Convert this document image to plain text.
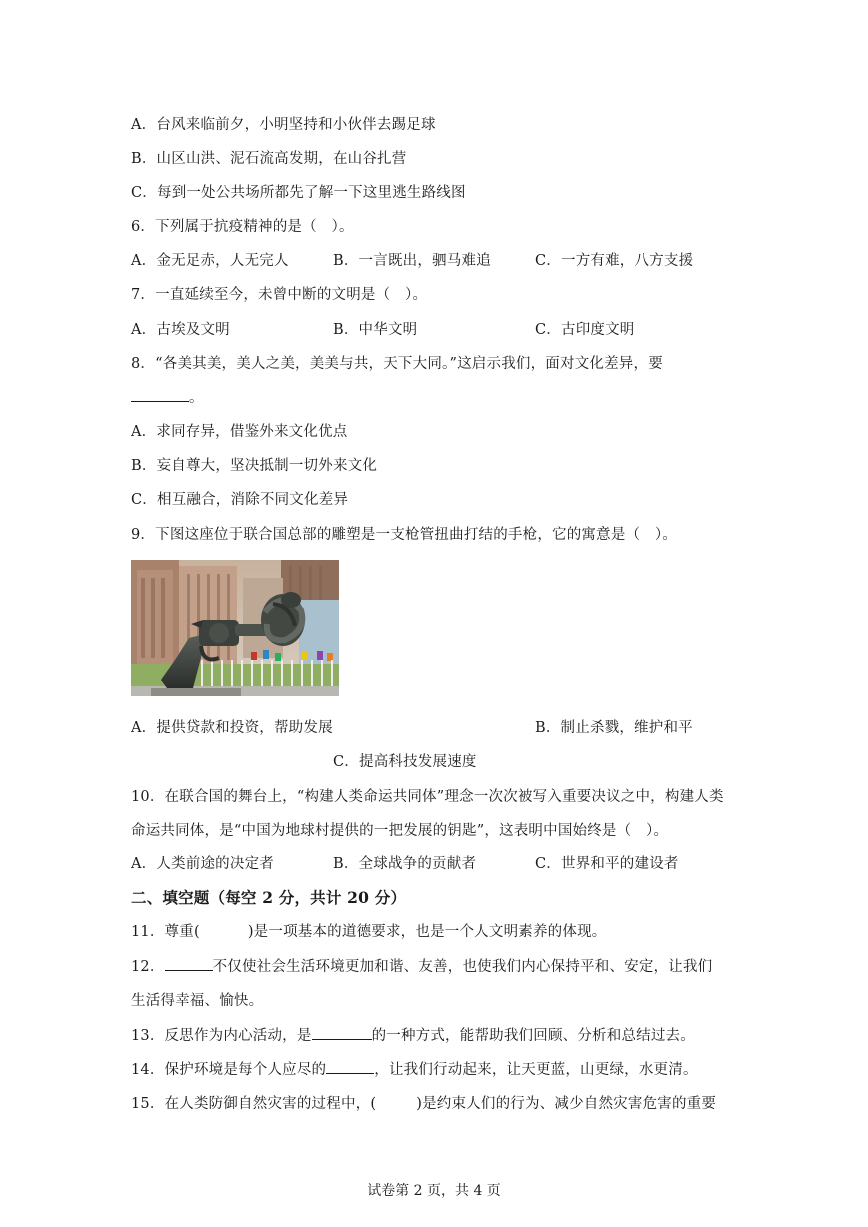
A．台风来临前夕，小明坚持和小伙伴去踢足球
B．山区山洪、泥石流高发期，在山谷扎营
C．每到一处公共场所都先了解一下这里逃生路线图
6．下列属于抗疫精神的是（　）。
A．金无足赤，人无完人	B．一言既出，驷马难追	C．一方有难，八方支援
7．一直延续至今，未曾中断的文明是（　）。
A．古埃及文明	B．中华文明	C．古印度文明
8．“各美其美，美人之美，美美与共，天下大同。”这启示我们，面对文化差异，要
。
A．求同存异，借鉴外来文化优点
B．妄自尊大，坚决抵制一切外来文化
C．相互融合，消除不同文化差异
9．下图这座位于联合国总部的雕塑是一支枪管扭曲打结的手枪，它的寓意是（　）。
A．提供贷款和投资，帮助发展	B．制止杀戮，维护和平
C．提高科技发展速度
10．在联合国的舞台上，“构建人类命运共同体”理念一次次被写入重要决议之中，构建人类
命运共同体，是“中国为地球村提供的一把发展的钥匙”，这表明中国始终是（　）。
A．人类前途的决定者	B．全球战争的贡献者	C．世界和平的建设者
二、填空题（每空 2 分，共计 20 分）
11．尊重(	)是一项基本的道德要求，也是一个人文明素养的体现。
12．	不仅使社会生活环境更加和谐、友善，也使我们内心保持平和、安定，让我们
生活得幸福、愉快。
13．反思作为内心活动，是	的一种方式，能帮助我们回顾、分析和总结过去。
14．保护环境是每个人应尽的	，让我们行动起来，让天更蓝，山更绿，水更清。
15．在人类防御自然灾害的过程中，(	)是约束人们的行为、减少自然灾害危害的重要
试卷第 2 页，共 4 页
